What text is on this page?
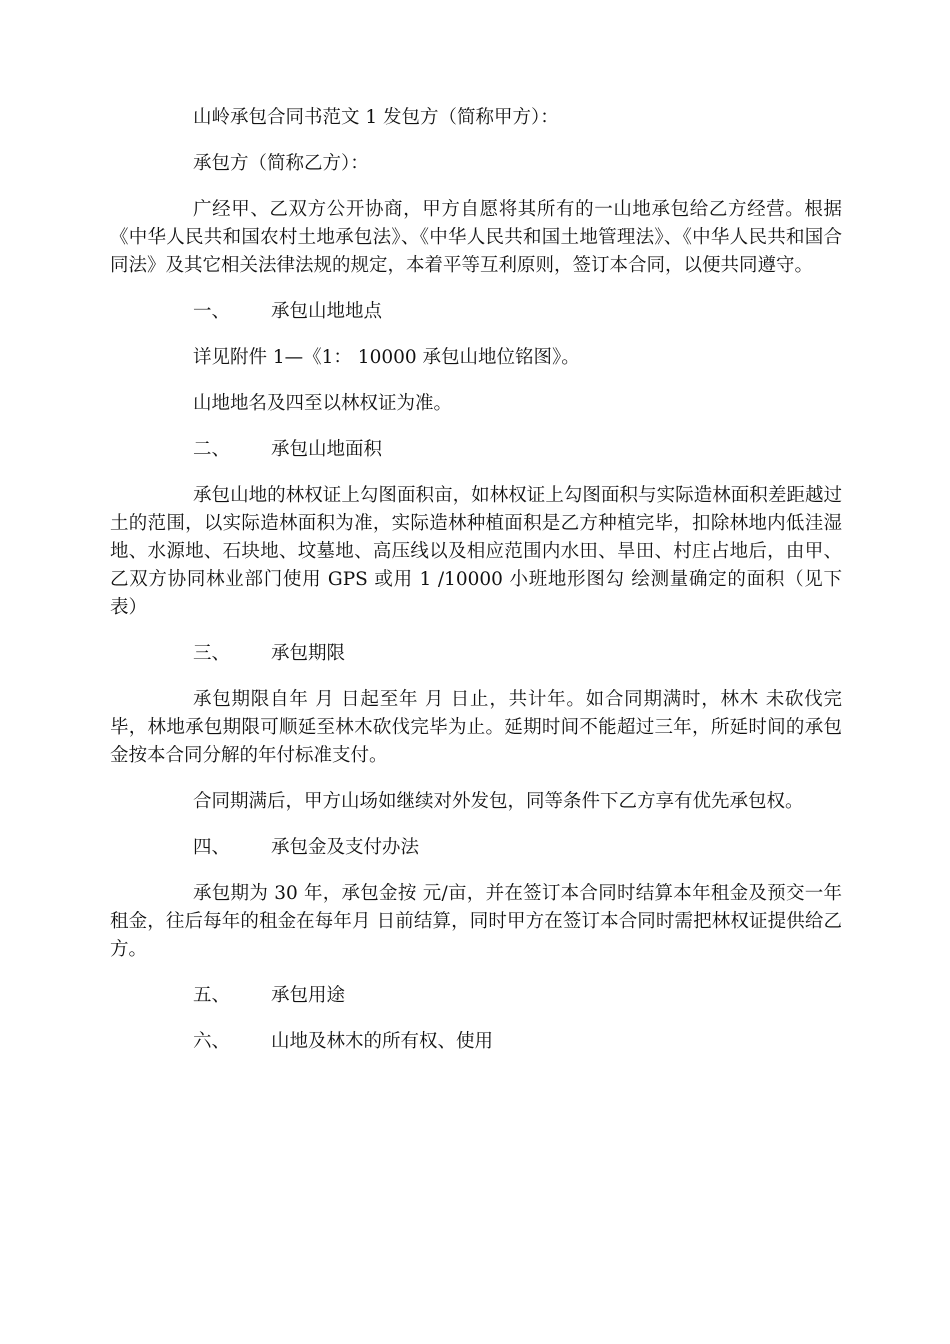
山岭承包合同书范文 1 发包方（简称甲方）：

承包方（简称乙方）：

广经甲、乙双方公开协商，甲方自愿将其所有的一山地承包给乙方经营。根据《中华人民共和国农村土地承包法》、《中华人民共和国土地管理法》、《中华人民共和国合同法》及其它相关法律法规的规定，本着平等互利原则，签订本合同，以便共同遵守。

一、 承包山地地点

详见附件 1—《1： 10000 承包山地位铭图》。

山地地名及四至以林权证为准。

二、 承包山地面积

承包山地的林权证上勾图面积亩，如林权证上勾图面积与实际造林面积差距越过土的范围，以实际造林面积为准，实际造林种植面积是乙方种植完毕，扣除林地内低洼湿地、水源地、石块地、坟墓地、高压线以及相应范围内水田、旱田、村庄占地后，由甲、乙双方协同林业部门使用 GPS 或用 1 /10000 小班地形图勾 绘测量确定的面积（见下表）

三、 承包期限

承包期限自年 月 日起至年 月 日止，共计年。如合同期满时，林木 未砍伐完毕，林地承包期限可顺延至林木砍伐完毕为止。延期时间不能超过三年，所延时间的承包金按本合同分解的年付标准支付。

合同期满后，甲方山场如继续对外发包，同等条件下乙方享有优先承包权。

四、 承包金及支付办法

承包期为 30 年，承包金按 元/亩，并在签订本合同时结算本年租金及预交一年租金，往后每年的租金在每年月 日前结算，同时甲方在签订本合同时需把林权证提供给乙方。

五、 承包用途
六、 山地及林木的所有权、使用
